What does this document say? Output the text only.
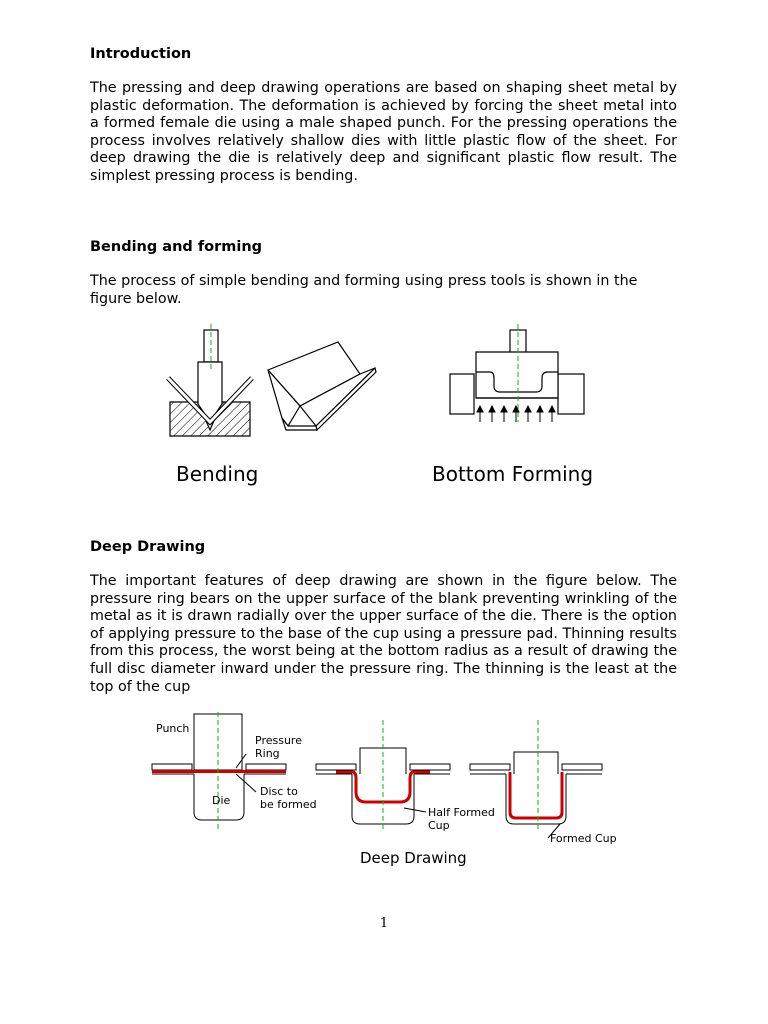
Introduction
The pressing and deep drawing operations are based on shaping sheet metal by plastic deformation. The deformation is achieved by forcing the sheet metal into a formed female die using a male shaped punch. For the pressing operations the process involves relatively shallow dies with little plastic flow of the sheet. For deep drawing the die is relatively deep and significant plastic flow result. The simplest pressing process is bending.
Bending and forming
The process of simple bending and forming using press tools is shown in the figure below.
Bending	Bottom Forming
Deep Drawing
The important features of deep drawing are shown in the figure below. The pressure ring bears on the upper surface of the blank preventing wrinkling of the metal as it is drawn radially over the upper surface of the die. There is the option of applying pressure to the base of the cup using a pressure pad. Thinning results from this process, the worst being at the bottom radius as a result of drawing the full disc diameter inward under the pressure ring. The thinning is the least at the top of the cup
Punch
Pressure
Ring
Die
Disc to
be formed
Half Formed
Cup
Formed Cup
Deep Drawing
1
